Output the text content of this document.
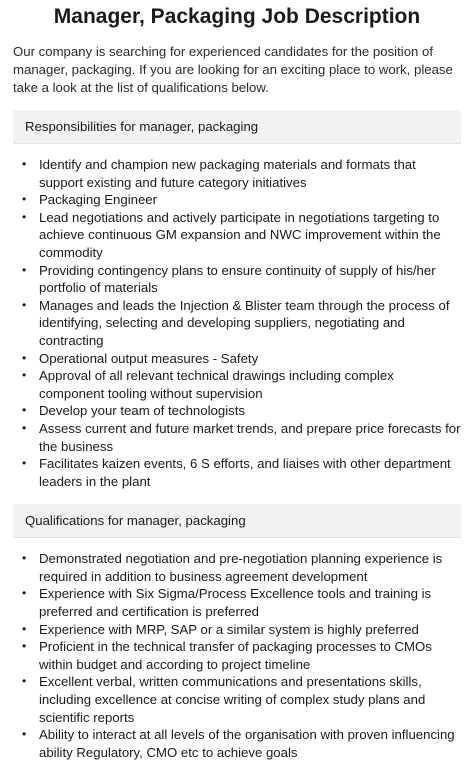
Manager, Packaging Job Description

Our company is searching for experienced candidates for the position of manager, packaging. If you are looking for an exciting place to work, please take a look at the list of qualifications below.

Responsibilities for manager, packaging
• Identify and champion new packaging materials and formats that support existing and future category initiatives
• Packaging Engineer
• Lead negotiations and actively participate in negotiations targeting to achieve continuous GM expansion and NWC improvement within the commodity
• Providing contingency plans to ensure continuity of supply of his/her portfolio of materials
• Manages and leads the Injection & Blister team through the process of identifying, selecting and developing suppliers, negotiating and contracting
• Operational output measures - Safety
• Approval of all relevant technical drawings including complex component tooling without supervision
• Develop your team of technologists
• Assess current and future market trends, and prepare price forecasts for the business
• Facilitates kaizen events, 6 S efforts, and liaises with other department leaders in the plant
Qualifications for manager, packaging
• Demonstrated negotiation and pre-negotiation planning experience is required in addition to business agreement development
• Experience with Six Sigma/Process Excellence tools and training is preferred and certification is preferred
• Experience with MRP, SAP or a similar system is highly preferred
• Proficient in the technical transfer of packaging processes to CMOs within budget and according to project timeline
• Excellent verbal, written communications and presentations skills, including excellence at concise writing of complex study plans and scientific reports
• Ability to interact at all levels of the organisation with proven influencing ability Regulatory, CMO etc to achieve goals
